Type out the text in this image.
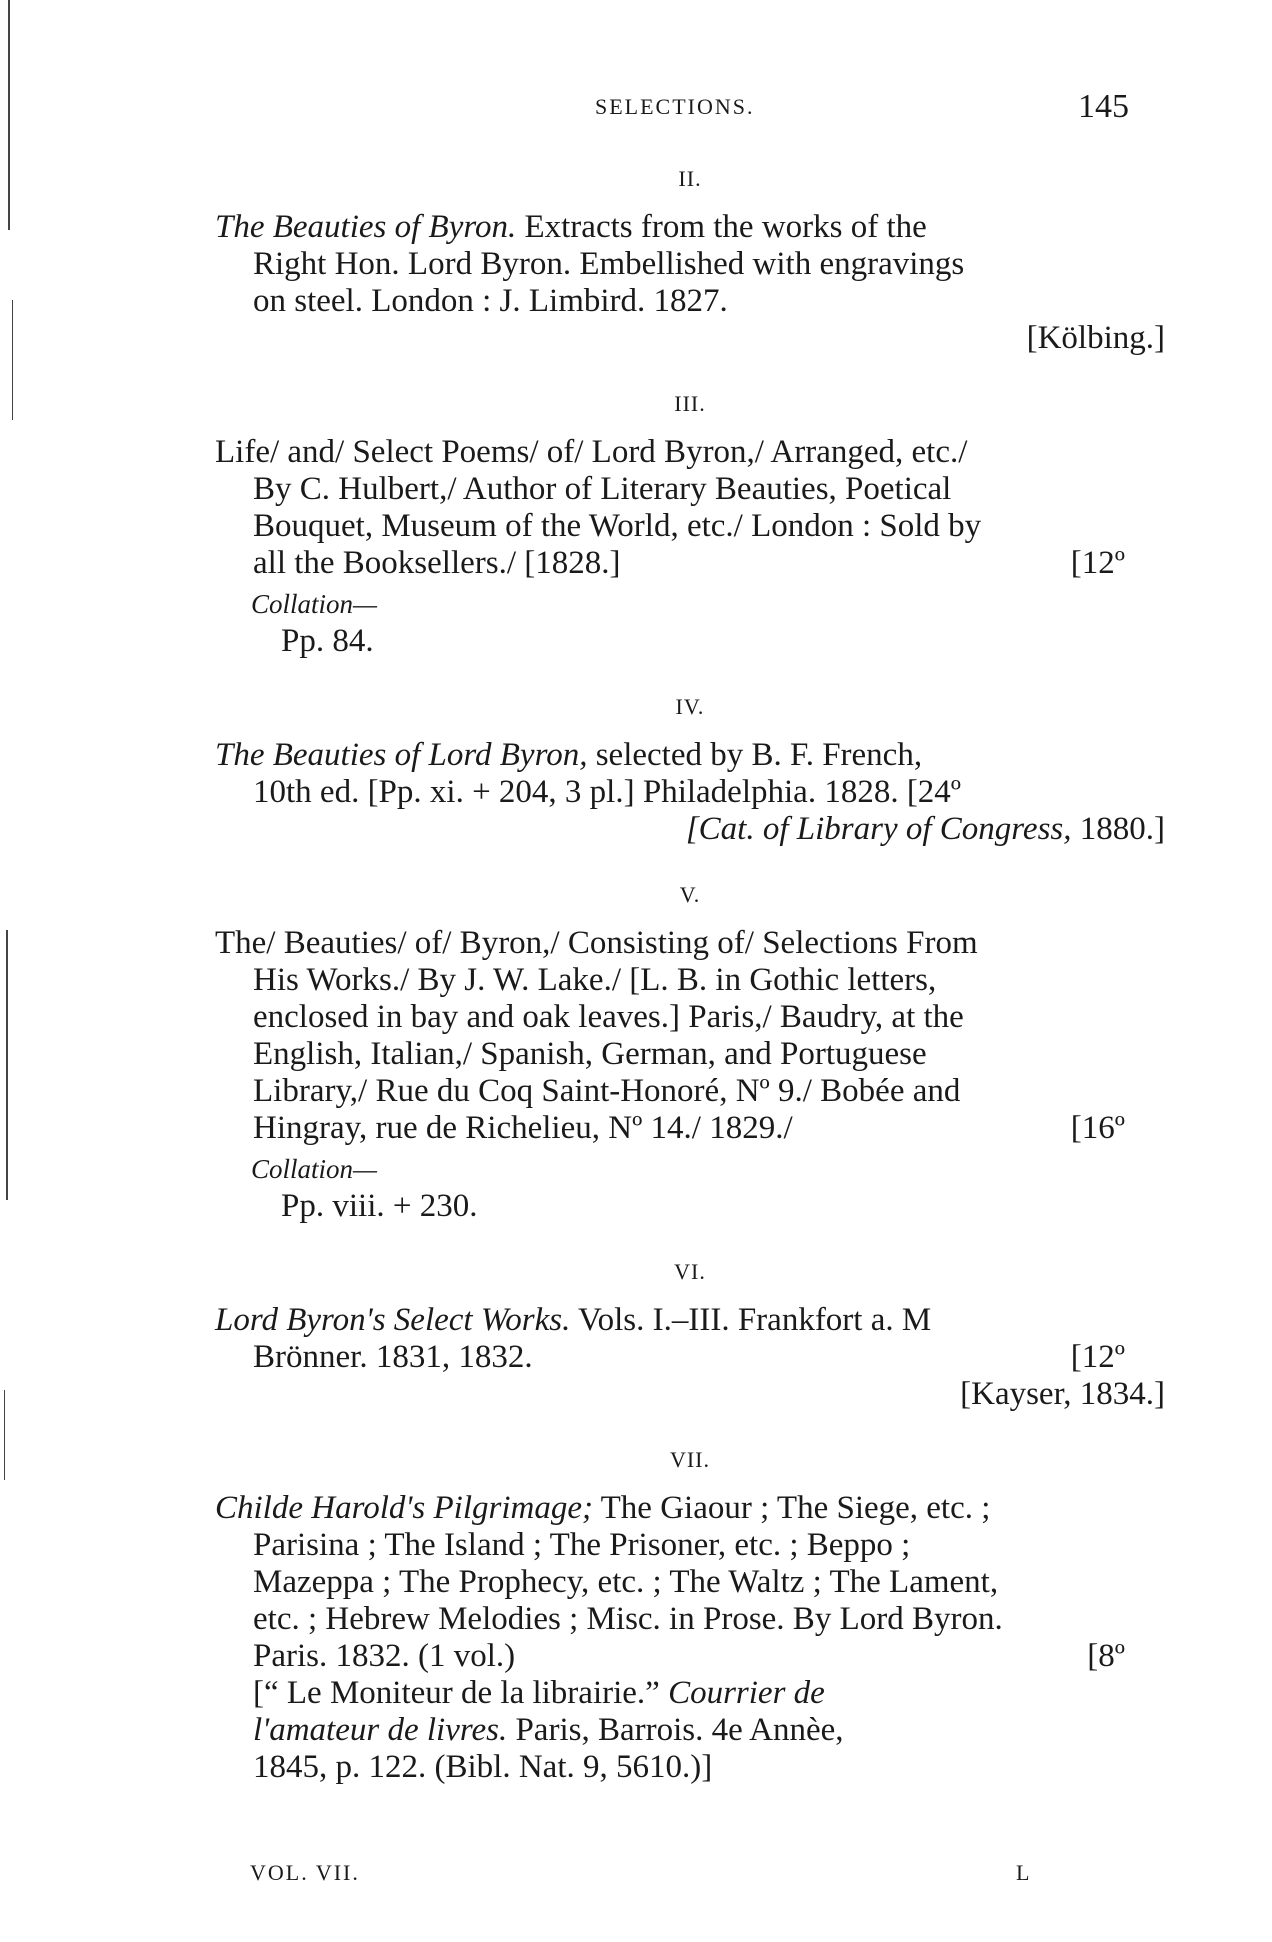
SELECTIONS.	145
II.
The Beauties of Byron. Extracts from the works of the
Right Hon. Lord Byron. Embellished with engravings
on steel. London : J. Limbird. 1827.
[Kölbing.]
III.
Life/ and/ Select Poems/ of/ Lord Byron,/ Arranged, etc./
By C. Hulbert,/ Author of Literary Beauties, Poetical
Bouquet, Museum of the World, etc./ London : Sold by
all the Booksellers./ [1828.]	[12º
Collation—
Pp. 84.
IV.
The Beauties of Lord Byron, selected by B. F. French,
10th ed. [Pp. xi. + 204, 3 pl.] Philadelphia. 1828. [24º
[Cat. of Library of Congress, 1880.]
V.
The/ Beauties/ of/ Byron,/ Consisting of/ Selections From
His Works./ By J. W. Lake./ [L. B. in Gothic letters,
enclosed in bay and oak leaves.] Paris,/ Baudry, at the
English, Italian,/ Spanish, German, and Portuguese
Library,/ Rue du Coq Saint-Honoré, Nº 9./ Bobée and
Hingray, rue de Richelieu, Nº 14./ 1829./	[16º
Collation—
Pp. viii. + 230.
VI.
Lord Byron's Select Works. Vols. I.–III. Frankfort a. M
Brönner. 1831, 1832.	[12º
[Kayser, 1834.]
VII.
Childe Harold's Pilgrimage; The Giaour ; The Siege, etc. ;
Parisina ; The Island ; The Prisoner, etc. ; Beppo ;
Mazeppa ; The Prophecy, etc. ; The Waltz ; The Lament,
etc. ; Hebrew Melodies ; Misc. in Prose. By Lord Byron.
Paris. 1832. (1 vol.)	[8º
[“ Le Moniteur de la librairie.” Courrier de
l'amateur de livres. Paris, Barrois. 4e Annèe,
1845, p. 122. (Bibl. Nat. 9, 5610.)]
VOL. VII.	L
